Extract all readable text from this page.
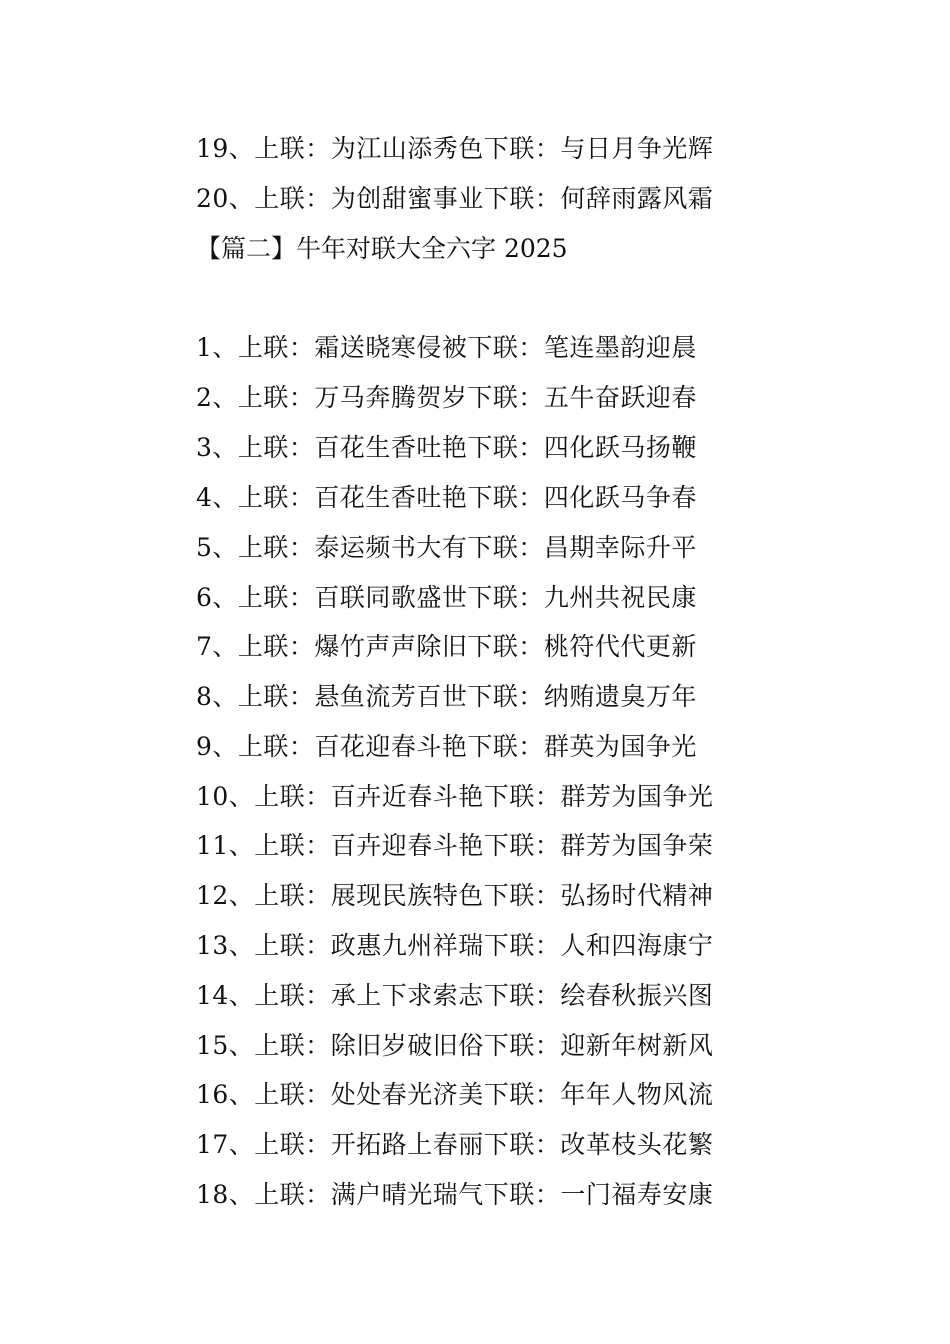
19、上联：为江山添秀色下联：与日月争光辉
20、上联：为创甜蜜事业下联：何辞雨露风霜
【篇二】牛年对联大全六字 2025
1、上联：霜送晓寒侵被下联：笔连墨韵迎晨
2、上联：万马奔腾贺岁下联：五牛奋跃迎春
3、上联：百花生香吐艳下联：四化跃马扬鞭
4、上联：百花生香吐艳下联：四化跃马争春
5、上联：泰运频书大有下联：昌期幸际升平
6、上联：百联同歌盛世下联：九州共祝民康
7、上联：爆竹声声除旧下联：桃符代代更新
8、上联：悬鱼流芳百世下联：纳贿遗臭万年
9、上联：百花迎春斗艳下联：群英为国争光
10、上联：百卉近春斗艳下联：群芳为国争光
11、上联：百卉迎春斗艳下联：群芳为国争荣
12、上联：展现民族特色下联：弘扬时代精神
13、上联：政惠九州祥瑞下联：人和四海康宁
14、上联：承上下求索志下联：绘春秋振兴图
15、上联：除旧岁破旧俗下联：迎新年树新风
16、上联：处处春光济美下联：年年人物风流
17、上联：开拓路上春丽下联：改革枝头花繁
18、上联：满户晴光瑞气下联：一门福寿安康
